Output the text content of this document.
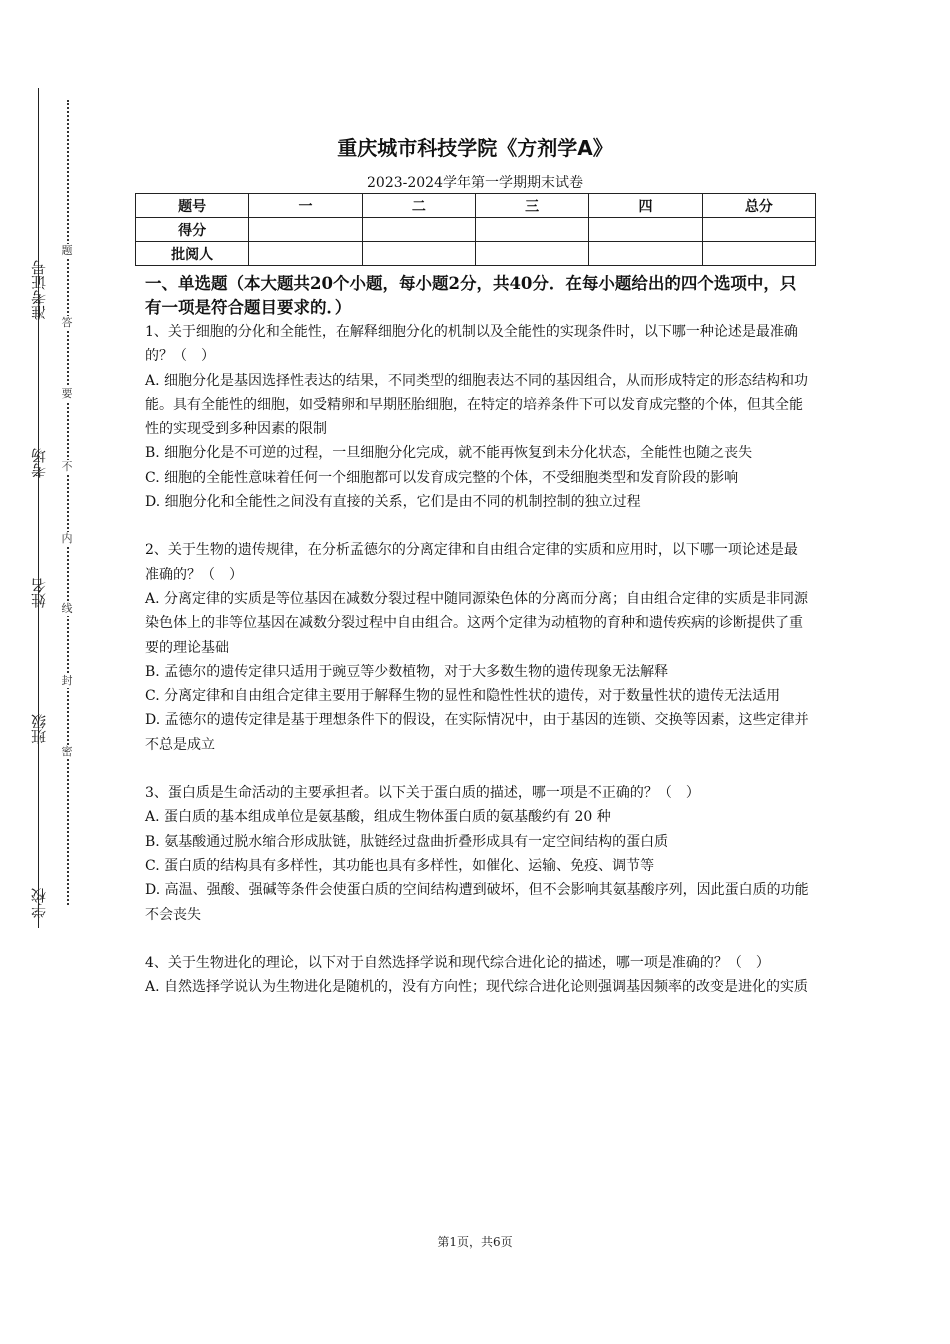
准考证号
考场
姓名
班级
学校
题
答
要
不
内
线
封
密
重庆城市科技学院《方剂学A》
2023-2024学年第一学期期末试卷
题号	一	二	三	四	总分
得分					
批阅人					
一、单选题（本大题共20个小题，每小题2分，共40分．在每小题给出的四个选项中，只有一项是符合题目要求的．）

1、关于细胞的分化和全能性，在解释细胞分化的机制以及全能性的实现条件时，以下哪一种论述是最准确的？（　）

A. 细胞分化是基因选择性表达的结果，不同类型的细胞表达不同的基因组合，从而形成特定的形态结构和功能。具有全能性的细胞，如受精卵和早期胚胎细胞，在特定的培养条件下可以发育成完整的个体，但其全能性的实现受到多种因素的限制

B. 细胞分化是不可逆的过程，一旦细胞分化完成，就不能再恢复到未分化状态，全能性也随之丧失

C. 细胞的全能性意味着任何一个细胞都可以发育成完整的个体，不受细胞类型和发育阶段的影响

D. 细胞分化和全能性之间没有直接的关系，它们是由不同的机制控制的独立过程

2、关于生物的遗传规律，在分析孟德尔的分离定律和自由组合定律的实质和应用时，以下哪一项论述是最准确的？（　）

A. 分离定律的实质是等位基因在减数分裂过程中随同源染色体的分离而分离；自由组合定律的实质是非同源染色体上的非等位基因在减数分裂过程中自由组合。这两个定律为动植物的育种和遗传疾病的诊断提供了重要的理论基础

B. 孟德尔的遗传定律只适用于豌豆等少数植物，对于大多数生物的遗传现象无法解释

C. 分离定律和自由组合定律主要用于解释生物的显性和隐性性状的遗传，对于数量性状的遗传无法适用

D. 孟德尔的遗传定律是基于理想条件下的假设，在实际情况中，由于基因的连锁、交换等因素，这些定律并不总是成立

3、蛋白质是生命活动的主要承担者。以下关于蛋白质的描述，哪一项是不正确的？（　）

A. 蛋白质的基本组成单位是氨基酸，组成生物体蛋白质的氨基酸约有 20 种

B. 氨基酸通过脱水缩合形成肽链，肽链经过盘曲折叠形成具有一定空间结构的蛋白质

C. 蛋白质的结构具有多样性，其功能也具有多样性，如催化、运输、免疫、调节等

D. 高温、强酸、强碱等条件会使蛋白质的空间结构遭到破坏，但不会影响其氨基酸序列，因此蛋白质的功能不会丧失

4、关于生物进化的理论，以下对于自然选择学说和现代综合进化论的描述，哪一项是准确的？（　）

A. 自然选择学说认为生物进化是随机的，没有方向性；现代综合进化论则强调基因频率的改变是进化的实质

第1页，共6页
